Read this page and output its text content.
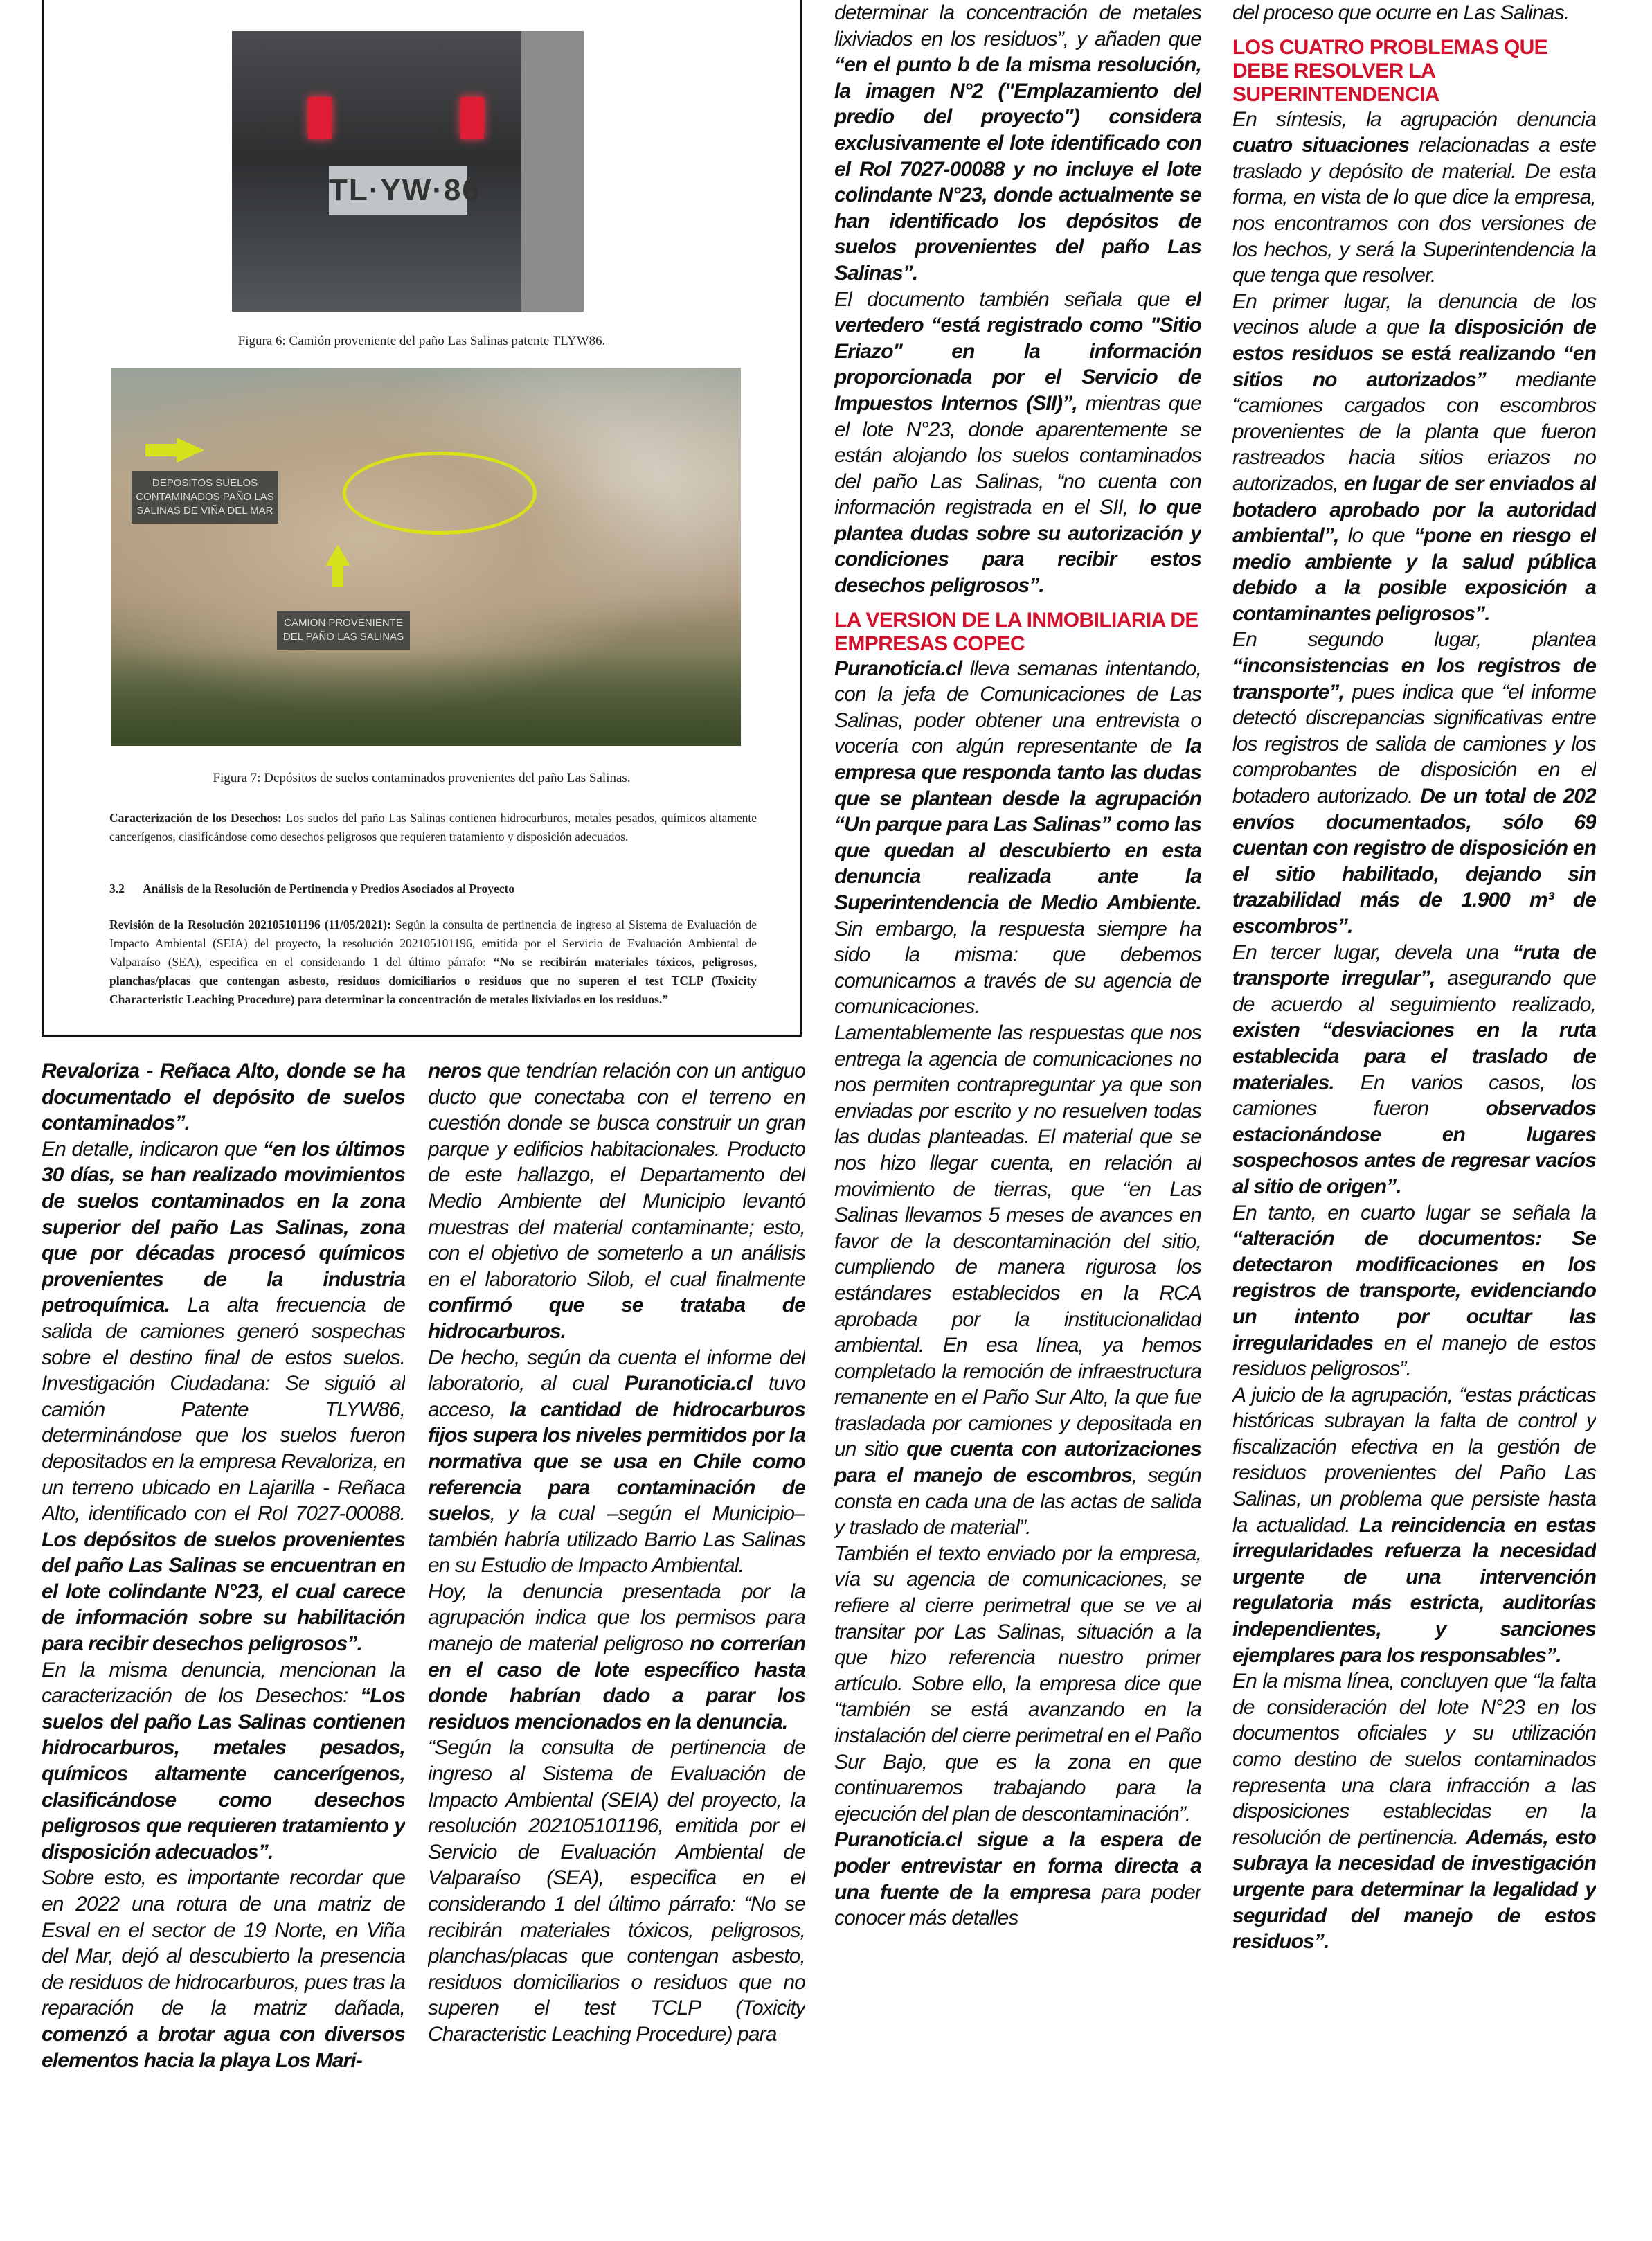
TL·YW·86
Figura 6: Camión proveniente del paño Las Salinas patente TLYW86.
DEPOSITOS SUELOS CONTAMINADOS PAÑO LAS SALINAS DE VIÑA DEL MAR
CAMION PROVENIENTE DEL PAÑO LAS SALINAS
Figura 7: Depósitos de suelos contaminados provenientes del paño Las Salinas.
Caracterización de los Desechos: Los suelos del paño Las Salinas contienen hidrocarburos, metales pesados, químicos altamente cancerígenos, clasificándose como desechos peligrosos que requieren tratamiento y disposición adecuados.
3.2 Análisis de la Resolución de Pertinencia y Predios Asociados al Proyecto
Revisión de la Resolución 202105101196 (11/05/2021): Según la consulta de pertinencia de ingreso al Sistema de Evaluación de Impacto Ambiental (SEIA) del proyecto, la resolución 202105101196, emitida por el Servicio de Evaluación Ambiental de Valparaíso (SEA), especifica en el considerando 1 del último párrafo: “No se recibirán materiales tóxicos, peligrosos, planchas/placas que contengan asbesto, residuos domiciliarios o residuos que no superen el test TCLP (Toxicity Characteristic Leaching Procedure) para determinar la concentración de metales lixiviados en los residuos.”

Revaloriza - Reñaca Alto, donde se ha documentado el depósito de suelos contaminados”.

En detalle, indicaron que “en los últimos 30 días, se han realizado movimientos de suelos contaminados en la zona superior del paño Las Salinas, zona que por décadas procesó químicos provenientes de la industria petroquímica. La alta frecuencia de salida de camiones generó sospechas sobre el destino final de estos suelos. Investigación Ciudadana: Se siguió al camión Patente TLYW86, determinándose que los suelos fueron depositados en la empresa Revaloriza, en un terreno ubicado en Lajarilla - Reñaca Alto, identificado con el Rol 7027-00088. Los depósitos de suelos provenientes del paño Las Salinas se encuentran en el lote colindante N°23, el cual carece de información sobre su habilitación para recibir desechos peligrosos”.

En la misma denuncia, mencionan la caracterización de los Desechos: “Los suelos del paño Las Salinas contienen hidrocarburos, metales pesados, químicos altamente cancerígenos, clasificándose como desechos peligrosos que requieren tratamiento y disposición adecuados”.

Sobre esto, es importante recordar que en 2022 una rotura de una matriz de Esval en el sector de 19 Norte, en Viña del Mar, dejó al descubierto la presencia de residuos de hidrocarburos, pues tras la reparación de la matriz dañada, comenzó a brotar agua con diversos elementos hacia la playa Los Mari-

neros que tendrían relación con un antiguo ducto que conectaba con el terreno en cuestión donde se busca construir un gran parque y edificios habitacionales. Producto de este hallazgo, el Departamento del Medio Ambiente del Municipio levantó muestras del material contaminante; esto, con el objetivo de someterlo a un análisis en el laboratorio Silob, el cual finalmente confirmó que se trataba de hidrocarburos.

De hecho, según da cuenta el informe del laboratorio, al cual Puranoticia.cl tuvo acceso, la cantidad de hidrocarburos fijos supera los niveles permitidos por la normativa que se usa en Chile como referencia para contaminación de suelos, y la cual –según el Municipio– también habría utilizado Barrio Las Salinas en su Estudio de Impacto Ambiental.

Hoy, la denuncia presentada por la agrupación indica que los permisos para manejo de material peligroso no correrían en el caso de lote específico hasta donde habrían dado a parar los residuos mencionados en la denuncia.

“Según la consulta de pertinencia de ingreso al Sistema de Evaluación de Impacto Ambiental (SEIA) del proyecto, la resolución 202105101196, emitida por el Servicio de Evaluación Ambiental de Valparaíso (SEA), especifica en el considerando 1 del último párrafo: “No se recibirán materiales tóxicos, peligrosos, planchas/placas que contengan asbesto, residuos domiciliarios o residuos que no superen el test TCLP (Toxicity Characteristic Leaching Procedure) para

determinar la concentración de metales lixiviados en los residuos”, y añaden que “en el punto b de la misma resolución, la imagen N°2 ("Emplazamiento del predio del proyecto") considera exclusivamente el lote identificado con el Rol 7027-00088 y no incluye el lote colindante N°23, donde actualmente se han identificado los depósitos de suelos provenientes del paño Las Salinas”.

El documento también señala que el vertedero “está registrado como "Sitio Eriazo" en la información proporcionada por el Servicio de Impuestos Internos (SII)”, mientras que el lote N°23, donde aparentemente se están alojando los suelos contaminados del paño Las Salinas, “no cuenta con información registrada en el SII, lo que plantea dudas sobre su autorización y condiciones para recibir estos desechos peligrosos”.

LA VERSION DE LA INMOBILIARIA DE EMPRESAS COPEC

Puranoticia.cl lleva semanas intentando, con la jefa de Comunicaciones de Las Salinas, poder obtener una entrevista o vocería con algún representante de la empresa que responda tanto las dudas que se plantean desde la agrupación “Un parque para Las Salinas” como las que quedan al descubierto en esta denuncia realizada ante la Superintendencia de Medio Ambiente. Sin embargo, la respuesta siempre ha sido la misma: que debemos comunicarnos a través de su agencia de comunicaciones.

Lamentablemente las respuestas que nos entrega la agencia de comunicaciones no nos permiten contrapreguntar ya que son enviadas por escrito y no resuelven todas las dudas planteadas. El material que se nos hizo llegar cuenta, en relación al movimiento de tierras, que “en Las Salinas llevamos 5 meses de avances en favor de la descontaminación del sitio, cumpliendo de manera rigurosa los estándares establecidos en la RCA aprobada por la institucionalidad ambiental. En esa línea, ya hemos completado la remoción de infraestructura remanente en el Paño Sur Alto, la que fue trasladada por camiones y depositada en un sitio que cuenta con autorizaciones para el manejo de escombros, según consta en cada una de las actas de salida y traslado de material”.

También el texto enviado por la empresa, vía su agencia de comunicaciones, se refiere al cierre perimetral que se ve al transitar por Las Salinas, situación a la que hizo referencia nuestro primer artículo. Sobre ello, la empresa dice que “también se está avanzando en la instalación del cierre perimetral en el Paño Sur Bajo, que es la zona en que continuaremos trabajando para la ejecución del plan de descontaminación”.

Puranoticia.cl sigue a la espera de poder entrevistar en forma directa a una fuente de la empresa para poder conocer más detalles

del proceso que ocurre en Las Salinas.

LOS CUATRO PROBLEMAS QUE DEBE RESOLVER LA SUPERINTENDENCIA

En síntesis, la agrupación denuncia cuatro situaciones relacionadas a este traslado y depósito de material. De esta forma, en vista de lo que dice la empresa, nos encontramos con dos versiones de los hechos, y será la Superintendencia la que tenga que resolver.

En primer lugar, la denuncia de los vecinos alude a que la disposición de estos residuos se está realizando “en sitios no autorizados” mediante “camiones cargados con escombros provenientes de la planta que fueron rastreados hacia sitios eriazos no autorizados, en lugar de ser enviados al botadero aprobado por la autoridad ambiental”, lo que “pone en riesgo el medio ambiente y la salud pública debido a la posible exposición a contaminantes peligrosos”.

En segundo lugar, plantea “inconsistencias en los registros de transporte”, pues indica que “el informe detectó discrepancias significativas entre los registros de salida de camiones y los comprobantes de disposición en el botadero autorizado. De un total de 202 envíos documentados, sólo 69 cuentan con registro de disposición en el sitio habilitado, dejando sin trazabilidad más de 1.900 m³ de escombros”.

En tercer lugar, devela una “ruta de transporte irregular”, asegurando que de acuerdo al seguimiento realizado, existen “desviaciones en la ruta establecida para el traslado de materiales. En varios casos, los camiones fueron observados estacionándose en lugares sospechosos antes de regresar vacíos al sitio de origen”.

En tanto, en cuarto lugar se señala la “alteración de documentos: Se detectaron modificaciones en los registros de transporte, evidenciando un intento por ocultar las irregularidades en el manejo de estos residuos peligrosos”.

A juicio de la agrupación, “estas prácticas históricas subrayan la falta de control y fiscalización efectiva en la gestión de residuos provenientes del Paño Las Salinas, un problema que persiste hasta la actualidad. La reincidencia en estas irregularidades refuerza la necesidad urgente de una intervención regulatoria más estricta, auditorías independientes, y sanciones ejemplares para los responsables”.

En la misma línea, concluyen que “la falta de consideración del lote N°23 en los documentos oficiales y su utilización como destino de suelos contaminados representa una clara infracción a las disposiciones establecidas en la resolución de pertinencia. Además, esto subraya la necesidad de investigación urgente para determinar la legalidad y seguridad del manejo de estos residuos”.
